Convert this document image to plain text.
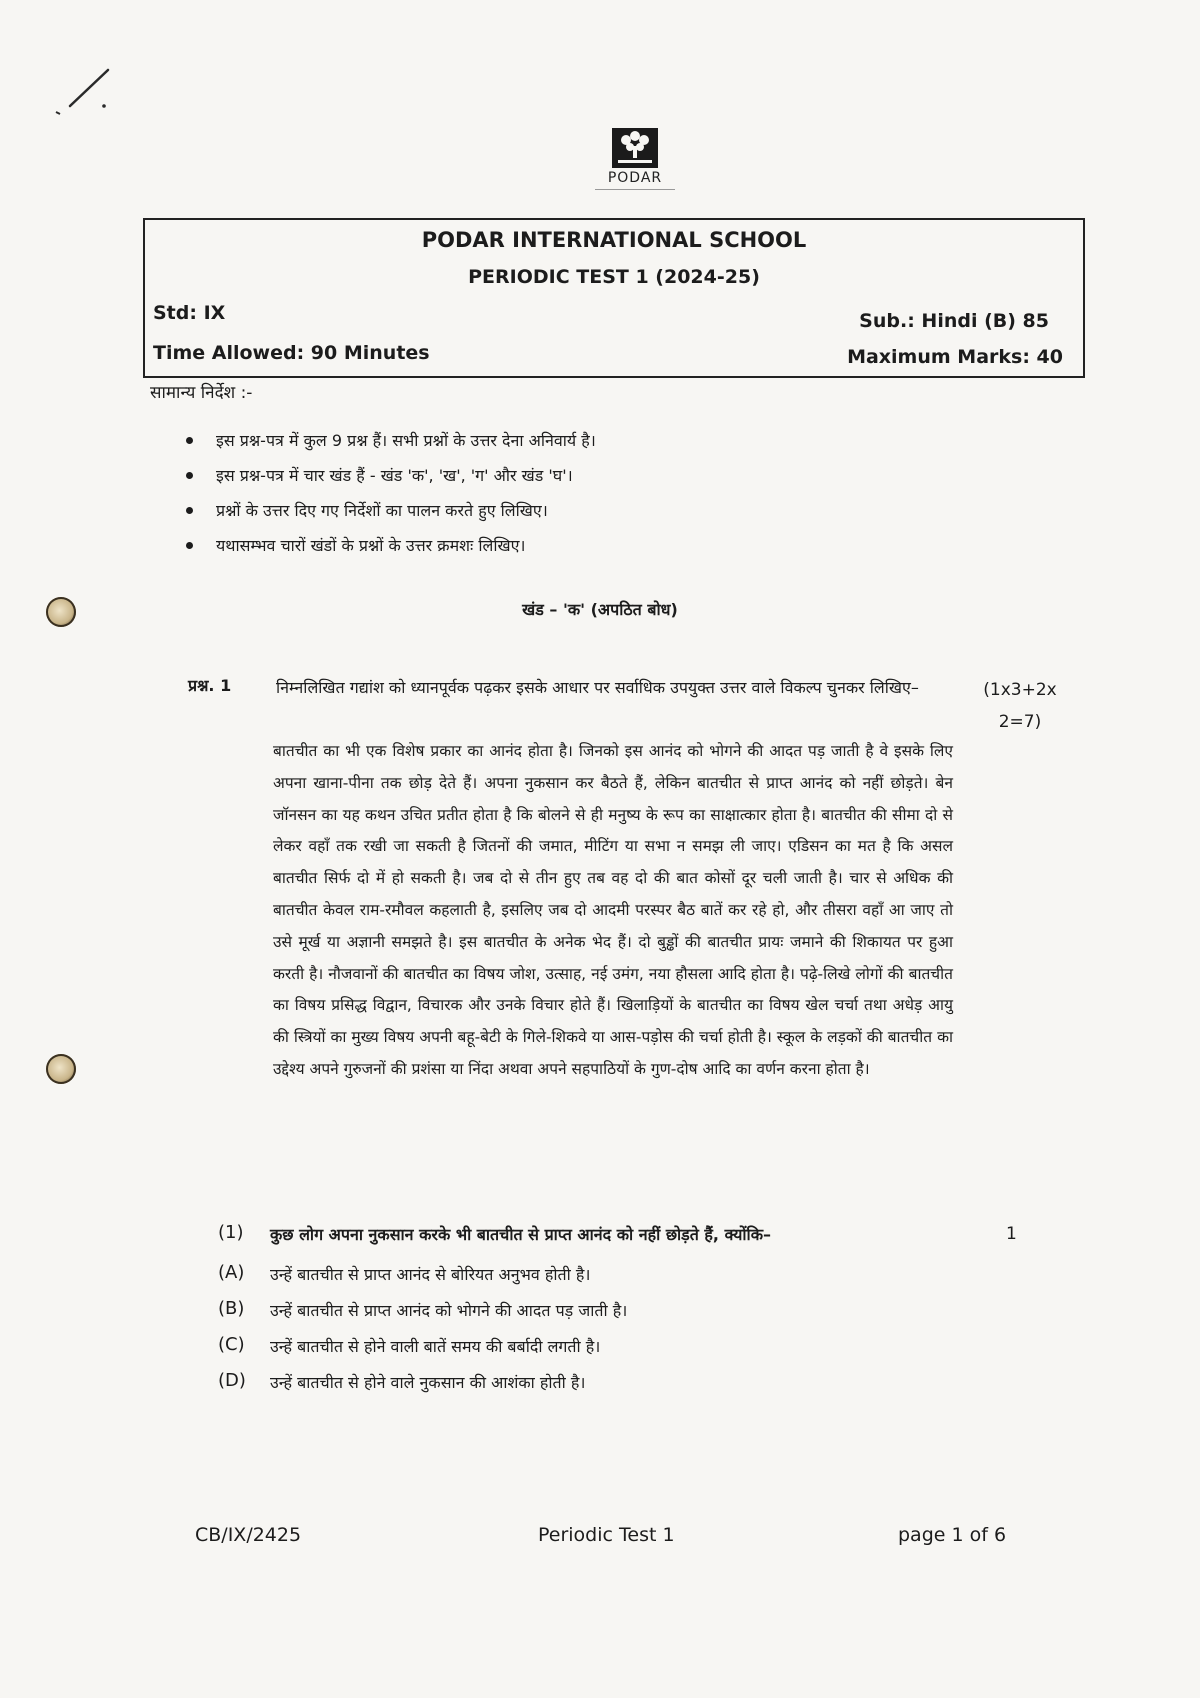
PODAR
PODAR INTERNATIONAL SCHOOL
PERIODIC TEST 1 (2024-25)
Std: IX
Time Allowed: 90 Minutes
Sub.: Hindi (B) 85
Maximum Marks: 40
सामान्य निर्देश :-
इस प्रश्न-पत्र में कुल 9 प्रश्न हैं। सभी प्रश्नों के उत्तर देना अनिवार्य है।
इस प्रश्न-पत्र में चार खंड हैं - खंड 'क', 'ख', 'ग' और खंड 'घ'।
प्रश्नों के उत्तर दिए गए निर्देशों का पालन करते हुए लिखिए।
यथासम्भव चारों खंडों के प्रश्नों के उत्तर क्रमशः लिखिए।
खंड – 'क' (अपठित बोध)
प्रश्न. 1	निम्नलिखित गद्यांश को ध्यानपूर्वक पढ़कर इसके आधार पर सर्वाधिक उपयुक्त उत्तर वाले विकल्प चुनकर लिखिए–	(1x3+2x
2=7)
बातचीत का भी एक विशेष प्रकार का आनंद होता है। जिनको इस आनंद को भोगने की आदत पड़ जाती है वे इसके लिए अपना खाना-पीना तक छोड़ देते हैं। अपना नुकसान कर बैठते हैं, लेकिन बातचीत से प्राप्त आनंद को नहीं छोड़ते। बेन जॉनसन का यह कथन उचित प्रतीत होता है कि बोलने से ही मनुष्य के रूप का साक्षात्कार होता है। बातचीत की सीमा दो से लेकर वहाँ तक रखी जा सकती है जितनों की जमात, मीटिंग या सभा न समझ ली जाए। एडिसन का मत है कि असल बातचीत सिर्फ दो में हो सकती है। जब दो से तीन हुए तब वह दो की बात कोसों दूर चली जाती है। चार से अधिक की बातचीत केवल राम-रमौवल कहलाती है, इसलिए जब दो आदमी परस्पर बैठ बातें कर रहे हो, और तीसरा वहाँ आ जाए तो उसे मूर्ख या अज्ञानी समझते है। इस बातचीत के अनेक भेद हैं। दो बुड्ढों की बातचीत प्रायः जमाने की शिकायत पर हुआ करती है। नौजवानों की बातचीत का विषय जोश, उत्साह, नई उमंग, नया हौसला आदि होता है। पढ़े-लिखे लोगों की बातचीत का विषय प्रसिद्ध विद्वान, विचारक और उनके विचार होते हैं। खिलाड़ियों के बातचीत का विषय खेल चर्चा तथा अधेड़ आयु की स्त्रियों का मुख्य विषय अपनी बहू-बेटी के गिले-शिकवे या आस-पड़ोस की चर्चा होती है। स्कूल के लड़कों की बातचीत का उद्देश्य अपने गुरुजनों की प्रशंसा या निंदा अथवा अपने सहपाठियों के गुण-दोष आदि का वर्णन करना होता है।
(1)	कुछ लोग अपना नुकसान करके भी बातचीत से प्राप्त आनंद को नहीं छोड़ते हैं, क्योंकि–	1
(A)	उन्हें बातचीत से प्राप्त आनंद से बोरियत अनुभव होती है।
(B)	उन्हें बातचीत से प्राप्त आनंद को भोगने की आदत पड़ जाती है।
(C)	उन्हें बातचीत से होने वाली बातें समय की बर्बादी लगती है।
(D)	उन्हें बातचीत से होने वाले नुकसान की आशंका होती है।
CB/IX/2425	Periodic Test 1	page 1 of 6
